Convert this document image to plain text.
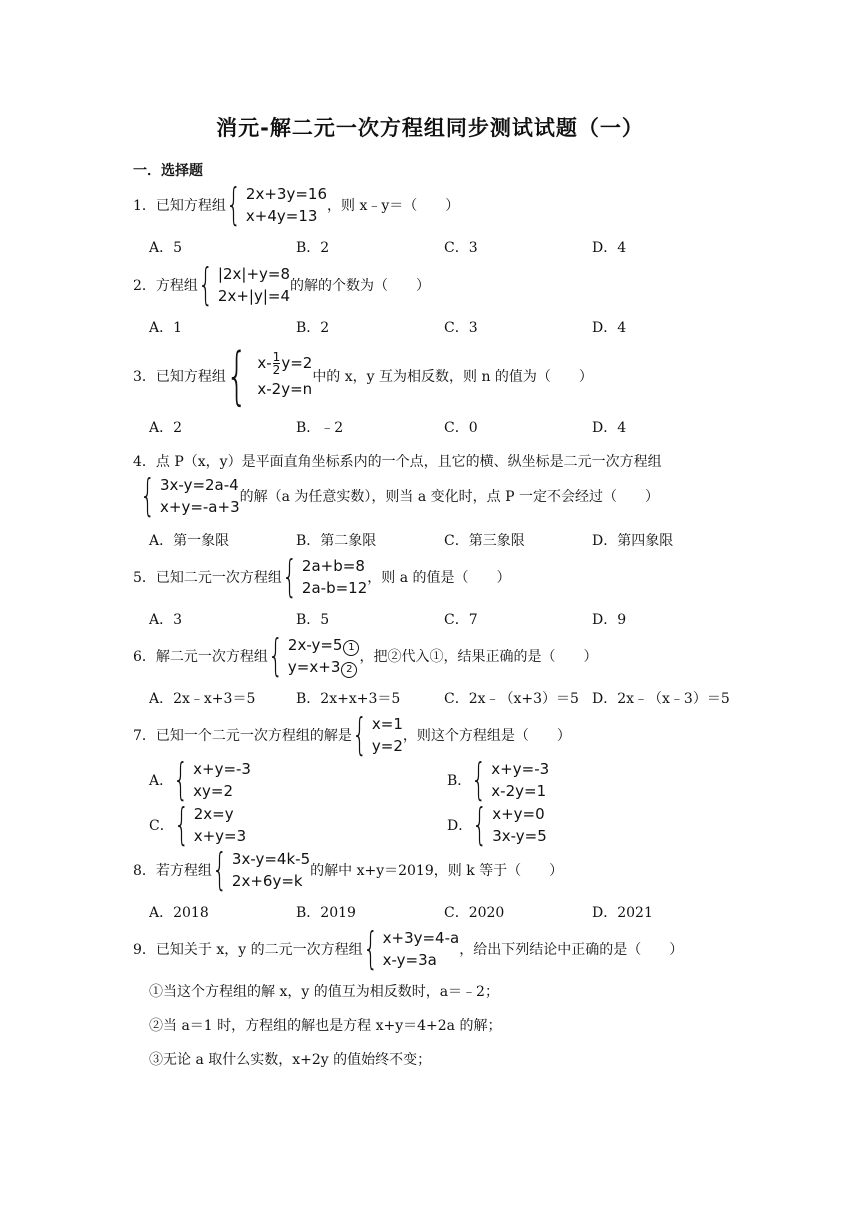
消元-解二元一次方程组同步测试试题（一）
一．选择题
1．已知方程组 { 2x+3y=16
x+4y=13
，则 x﹣y＝（　　）
A．5	B．2	C．3	D．4
2．方程组 { |2x|+y=8
2x+|y|=4
的解的个数为（　　）
A．1	B．2	C．3	D．4
3．已知方程组 { $x- \frac{1}{2} y=2$
x-2y=n
中的 x，y 互为相反数，则 n 的值为（　　）
A．2	B．﹣2	C．0	D．4
4．点 P（x，y）是平面直角坐标系内的一个点，且它的横、纵坐标是二元一次方程组
{ 3x-y=2a-4
x+y=-a+3
的解（a 为任意实数），则当 a 变化时，点 P 一定不会经过（　　）
A．第一象限	B．第二象限	C．第三象限	D．第四象限
5．已知二元一次方程组 { 2a+b=8
2a-b=12
，则 a 的值是（　　）
A．3	B．5	C．7	D．9
6．解二元一次方程组 { 2x-y=5 1
y=x+3 2
，把②代入①，结果正确的是（　　）
A．2x﹣x+3＝5	B．2x+x+3＝5	C．2x﹣（x+3）＝5 D．2x﹣（x﹣3）＝5
7．已知一个二元一次方程组的解是 { x=1
y=2
，则这个方程组是（　　）
A． { x+y=-3
xy=2
B． { x+y=-3
x-2y=1
C． { 2x=y
x+y=3
D． { x+y=0
3x-y=5
8．若方程组 { 3x-y=4k-5
2x+6y=k
的解中 x+y＝2019，则 k 等于（　　）
A．2018	B．2019	C．2020	D．2021
9．已知关于 x，y 的二元一次方程组 { x+3y=4-a
x-y=3a
，给出下列结论中正确的是（　　）
①当这个方程组的解 x，y 的值互为相反数时，a＝﹣2；
②当 a＝1 时，方程组的解也是方程 x+y＝4+2a 的解；
③无论 a 取什么实数，x+2y 的值始终不变；
